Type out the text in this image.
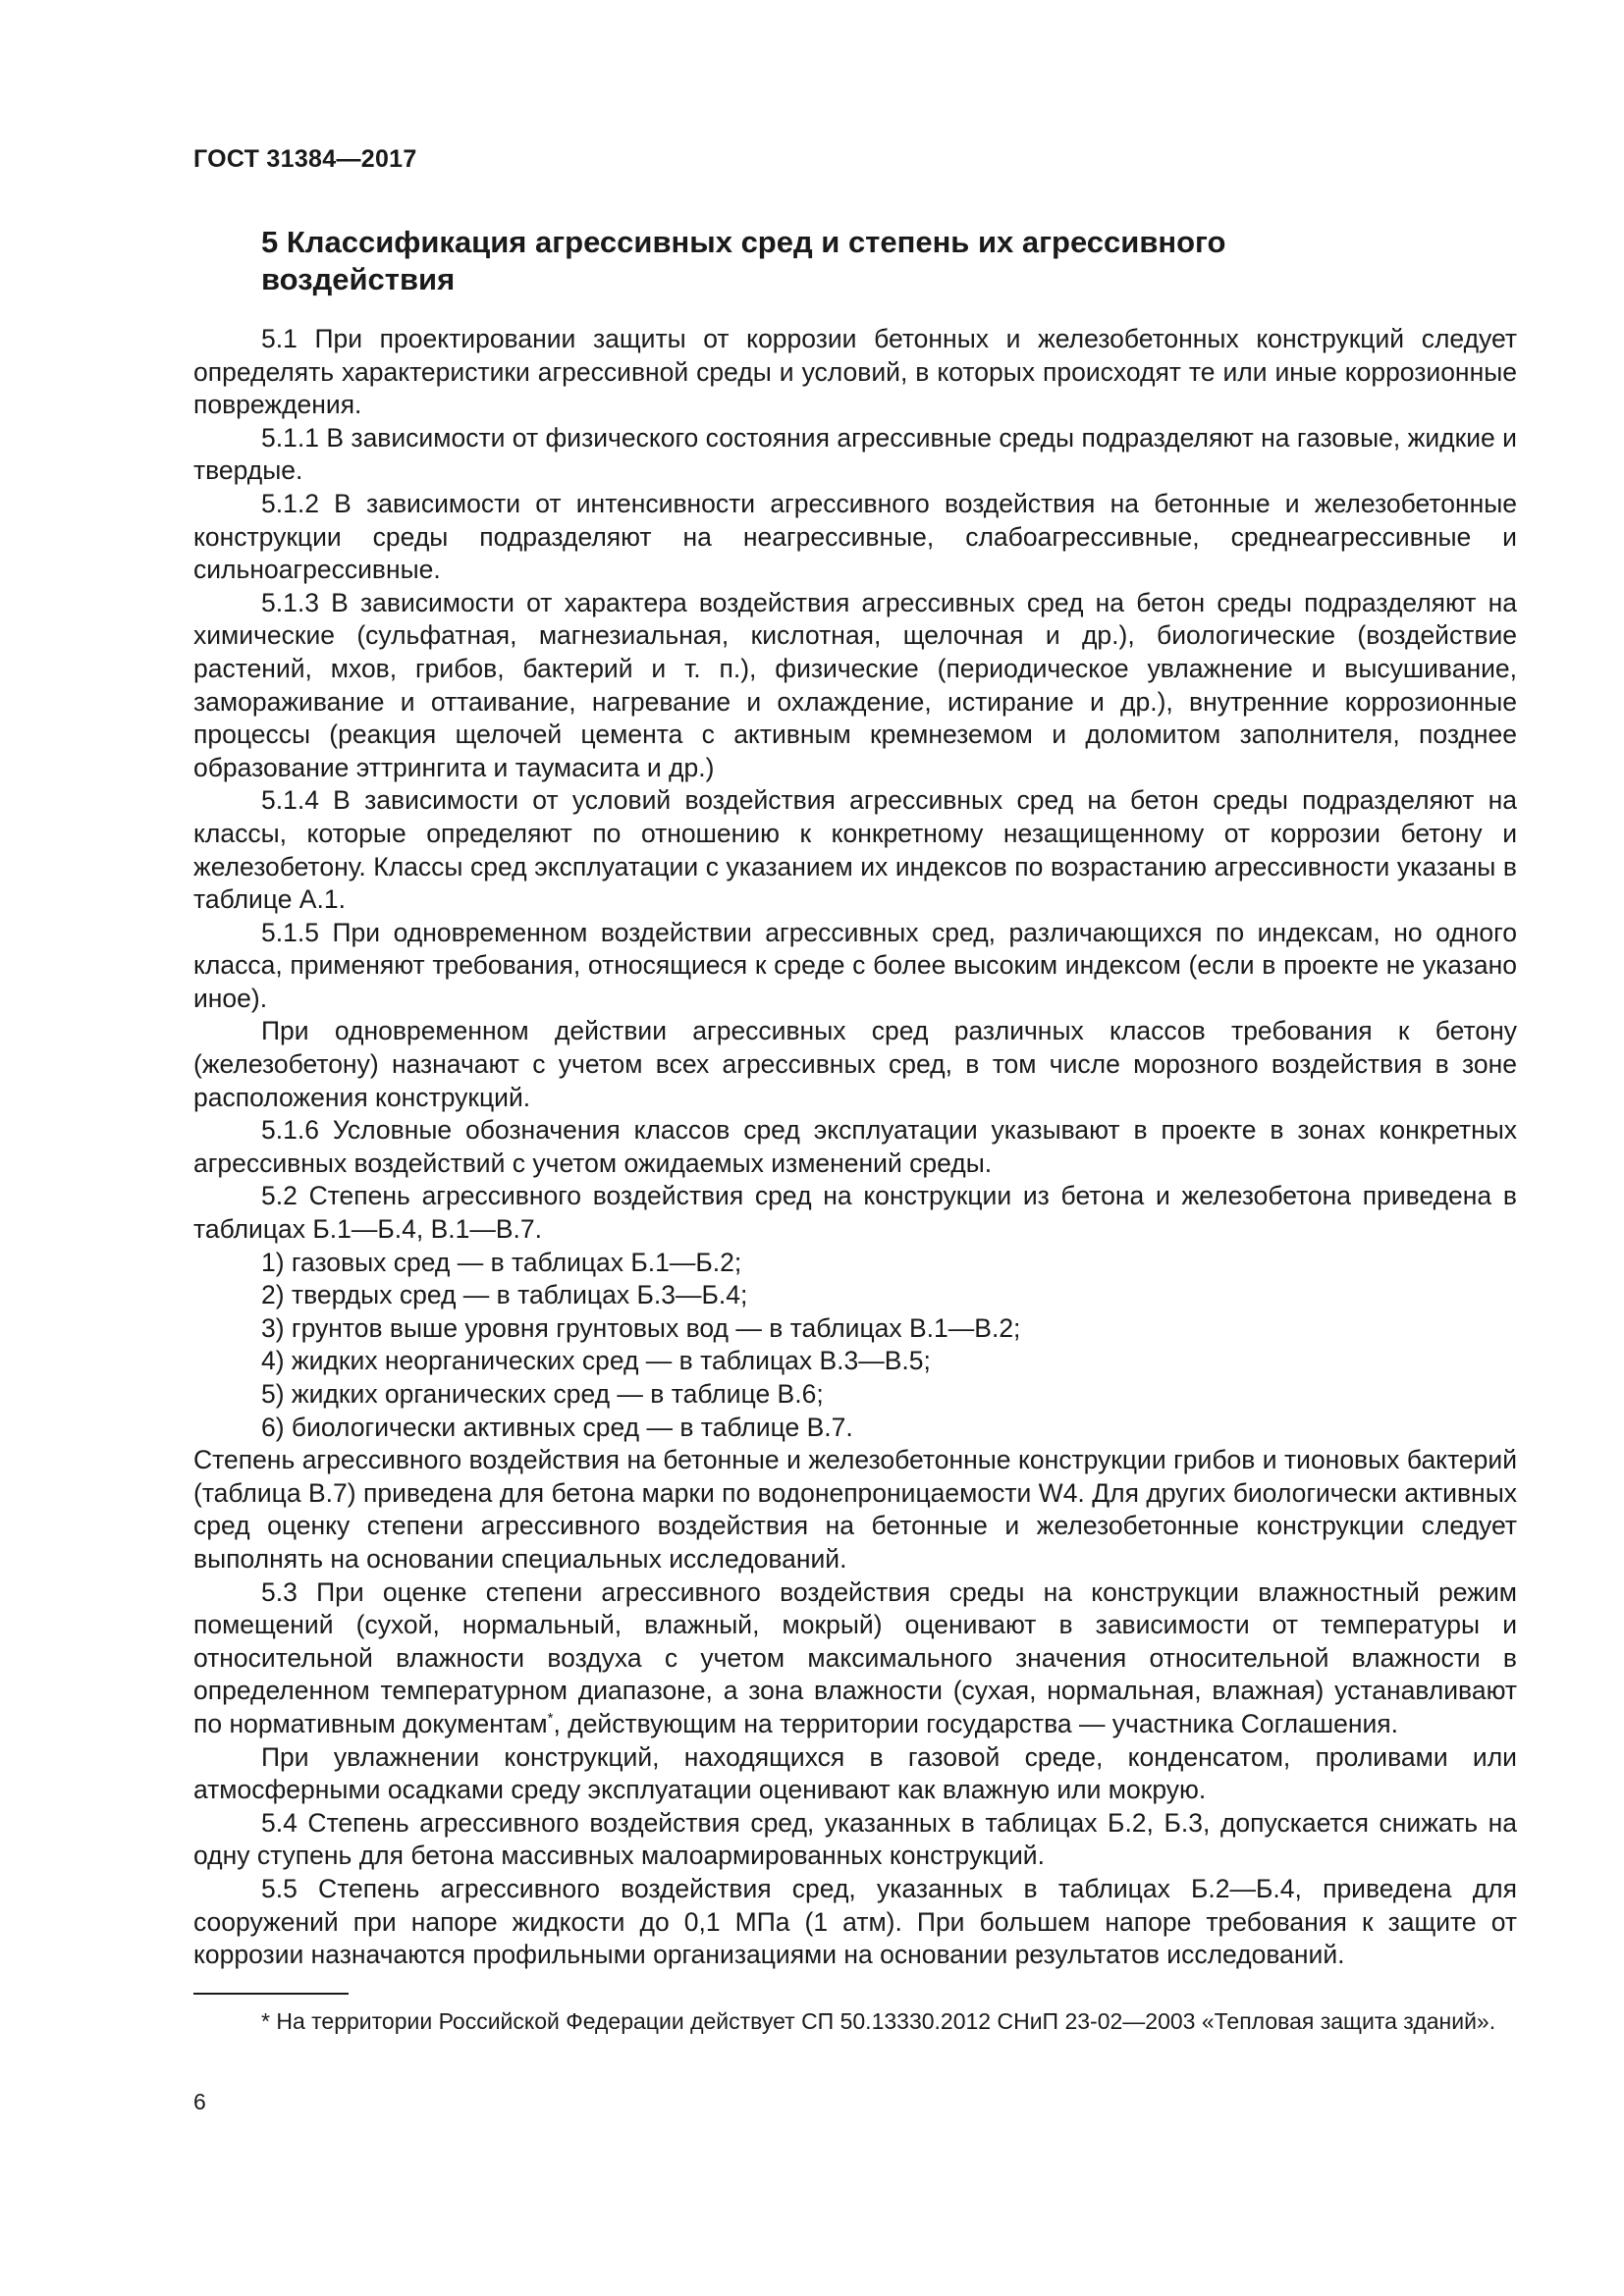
ГОСТ 31384—2017
5 Классификация агрессивных сред и степень их агрессивного воздействия

5.1 При проектировании защиты от коррозии бетонных и железобетонных конструкций следует определять характеристики агрессивной среды и условий, в которых происходят те или иные коррозионные повреждения.

5.1.1 В зависимости от физического состояния агрессивные среды подразделяют на газовые, жидкие и твердые.

5.1.2 В зависимости от интенсивности агрессивного воздействия на бетонные и железобетонные конструкции среды подразделяют на неагрессивные, слабоагрессивные, среднеагрессивные и сильноагрессивные.

5.1.3 В зависимости от характера воздействия агрессивных сред на бетон среды подразделяют на химические (сульфатная, магнезиальная, кислотная, щелочная и др.), биологические (воздействие растений, мхов, грибов, бактерий и т. п.), физические (периодическое увлажнение и высушивание, замораживание и оттаивание, нагревание и охлаждение, истирание и др.), внутренние коррозионные процессы (реакция щелочей цемента с активным кремнеземом и доломитом заполнителя, позднее образование эттрингита и таумасита и др.)

5.1.4 В зависимости от условий воздействия агрессивных сред на бетон среды подразделяют на классы, которые определяют по отношению к конкретному незащищенному от коррозии бетону и железобетону. Классы сред эксплуатации с указанием их индексов по возрастанию агрессивности указаны в таблице А.1.

5.1.5 При одновременном воздействии агрессивных сред, различающихся по индексам, но одного класса, применяют требования, относящиеся к среде с более высоким индексом (если в проекте не указано иное).

При одновременном действии агрессивных сред различных классов требования к бетону (железобетону) назначают с учетом всех агрессивных сред, в том числе морозного воздействия в зоне расположения конструкций.

5.1.6 Условные обозначения классов сред эксплуатации указывают в проекте в зонах конкретных агрессивных воздействий с учетом ожидаемых изменений среды.

5.2 Степень агрессивного воздействия сред на конструкции из бетона и железобетона приведена в таблицах Б.1—Б.4, В.1—В.7.

1) газовых сред — в таблицах Б.1—Б.2;

2) твердых сред — в таблицах Б.3—Б.4;

3) грунтов выше уровня грунтовых вод — в таблицах В.1—В.2;

4) жидких неорганических сред — в таблицах В.3—В.5;

5) жидких органических сред — в таблице В.6;

6) биологически активных сред — в таблице В.7.

Степень агрессивного воздействия на бетонные и железобетонные конструкции грибов и тионовых бактерий (таблица В.7) приведена для бетона марки по водонепроницаемости W4. Для других биологически активных сред оценку степени агрессивного воздействия на бетонные и железобетонные конструкции следует выполнять на основании специальных исследований.

5.3 При оценке степени агрессивного воздействия среды на конструкции влажностный режим помещений (сухой, нормальный, влажный, мокрый) оценивают в зависимости от температуры и относительной влажности воздуха с учетом максимального значения относительной влажности в определенном температурном диапазоне, а зона влажности (сухая, нормальная, влажная) устанавливают по нормативным документам*, действующим на территории государства — участника Соглашения.

При увлажнении конструкций, находящихся в газовой среде, конденсатом, проливами или атмосферными осадками среду эксплуатации оценивают как влажную или мокрую.

5.4 Степень агрессивного воздействия сред, указанных в таблицах Б.2, Б.3, допускается снижать на одну ступень для бетона массивных малоармированных конструкций.

5.5 Степень агрессивного воздействия сред, указанных в таблицах Б.2—Б.4, приведена для сооружений при напоре жидкости до 0,1 МПа (1 атм). При большем напоре требования к защите от коррозии назначаются профильными организациями на основании результатов исследований.

* На территории Российской Федерации действует СП 50.13330.2012 СНиП 23-02—2003 «Тепловая защита зданий».

6
